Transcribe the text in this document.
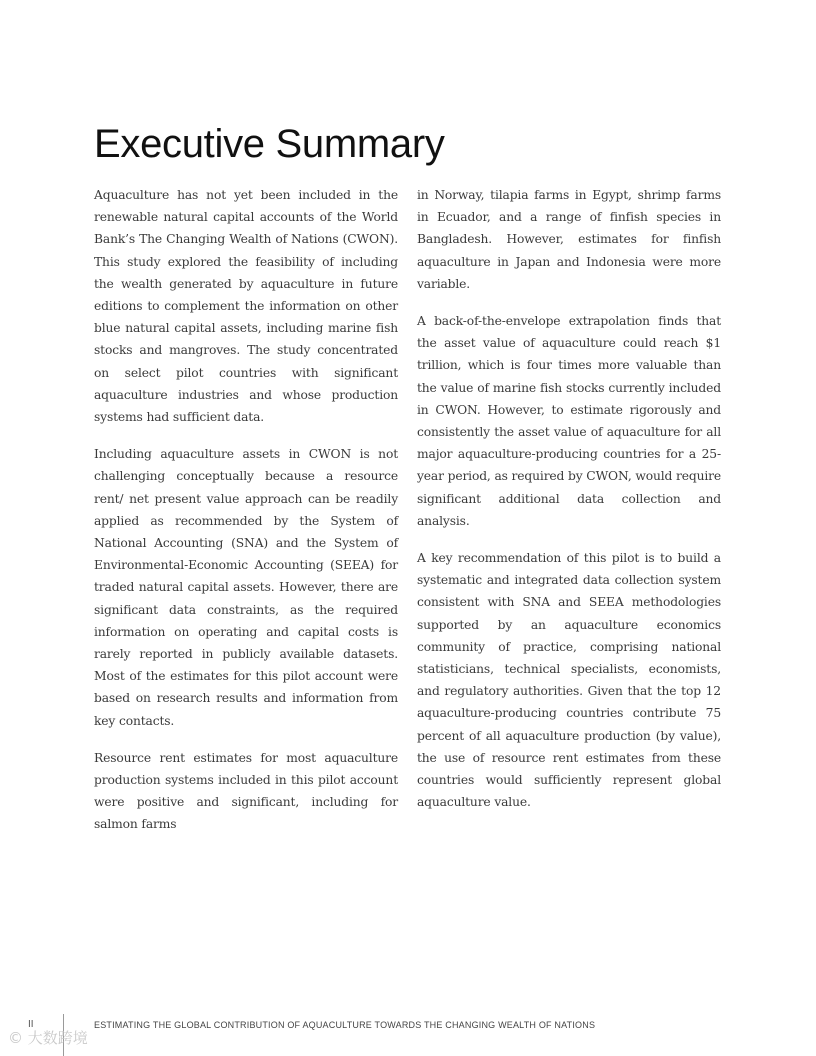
Executive Summary

Aquaculture has not yet been included in the renewable natural capital accounts of the World Bank’s The Changing Wealth of Nations (CWON). This study explored the feasibility of including the wealth generated by aquaculture in future editions to complement the information on other blue natural capital assets, including marine fish stocks and mangroves. The study concentrated on select pilot countries with significant aquaculture industries and whose production systems had sufficient data.

Including aquaculture assets in CWON is not challenging conceptually because a resource rent/ net present value approach can be readily applied as recommended by the System of National Accounting (SNA) and the System of Environmental-Economic Accounting (SEEA) for traded natural capital assets. However, there are significant data constraints, as the required information on operating and capital costs is rarely reported in publicly available datasets. Most of the estimates for this pilot account were based on research results and information from key contacts.

Resource rent estimates for most aquaculture production systems included in this pilot account were positive and significant, including for salmon farms

in Norway, tilapia farms in Egypt, shrimp farms in Ecuador, and a range of finfish species in Bangladesh. However, estimates for finfish aquaculture in Japan and Indonesia were more variable.

A back-of-the-envelope extrapolation finds that the asset value of aquaculture could reach $1 trillion, which is four times more valuable than the value of marine fish stocks currently included in CWON. However, to estimate rigorously and consistently the asset value of aquaculture for all major aquaculture-producing countries for a 25-year period, as required by CWON, would require significant additional data collection and analysis.

A key recommendation of this pilot is to build a systematic and integrated data collection system consistent with SNA and SEEA methodologies supported by an aquaculture economics community of practice, comprising national statisticians, technical specialists, economists, and regulatory authorities. Given that the top 12 aquaculture-producing countries contribute 75 percent of all aquaculture production (by value), the use of resource rent estimates from these countries would sufficiently represent global aquaculture value.

II	ESTIMATING THE GLOBAL CONTRIBUTION OF AQUACULTURE TOWARDS THE CHANGING WEALTH OF NATIONS
© 大数跨境
